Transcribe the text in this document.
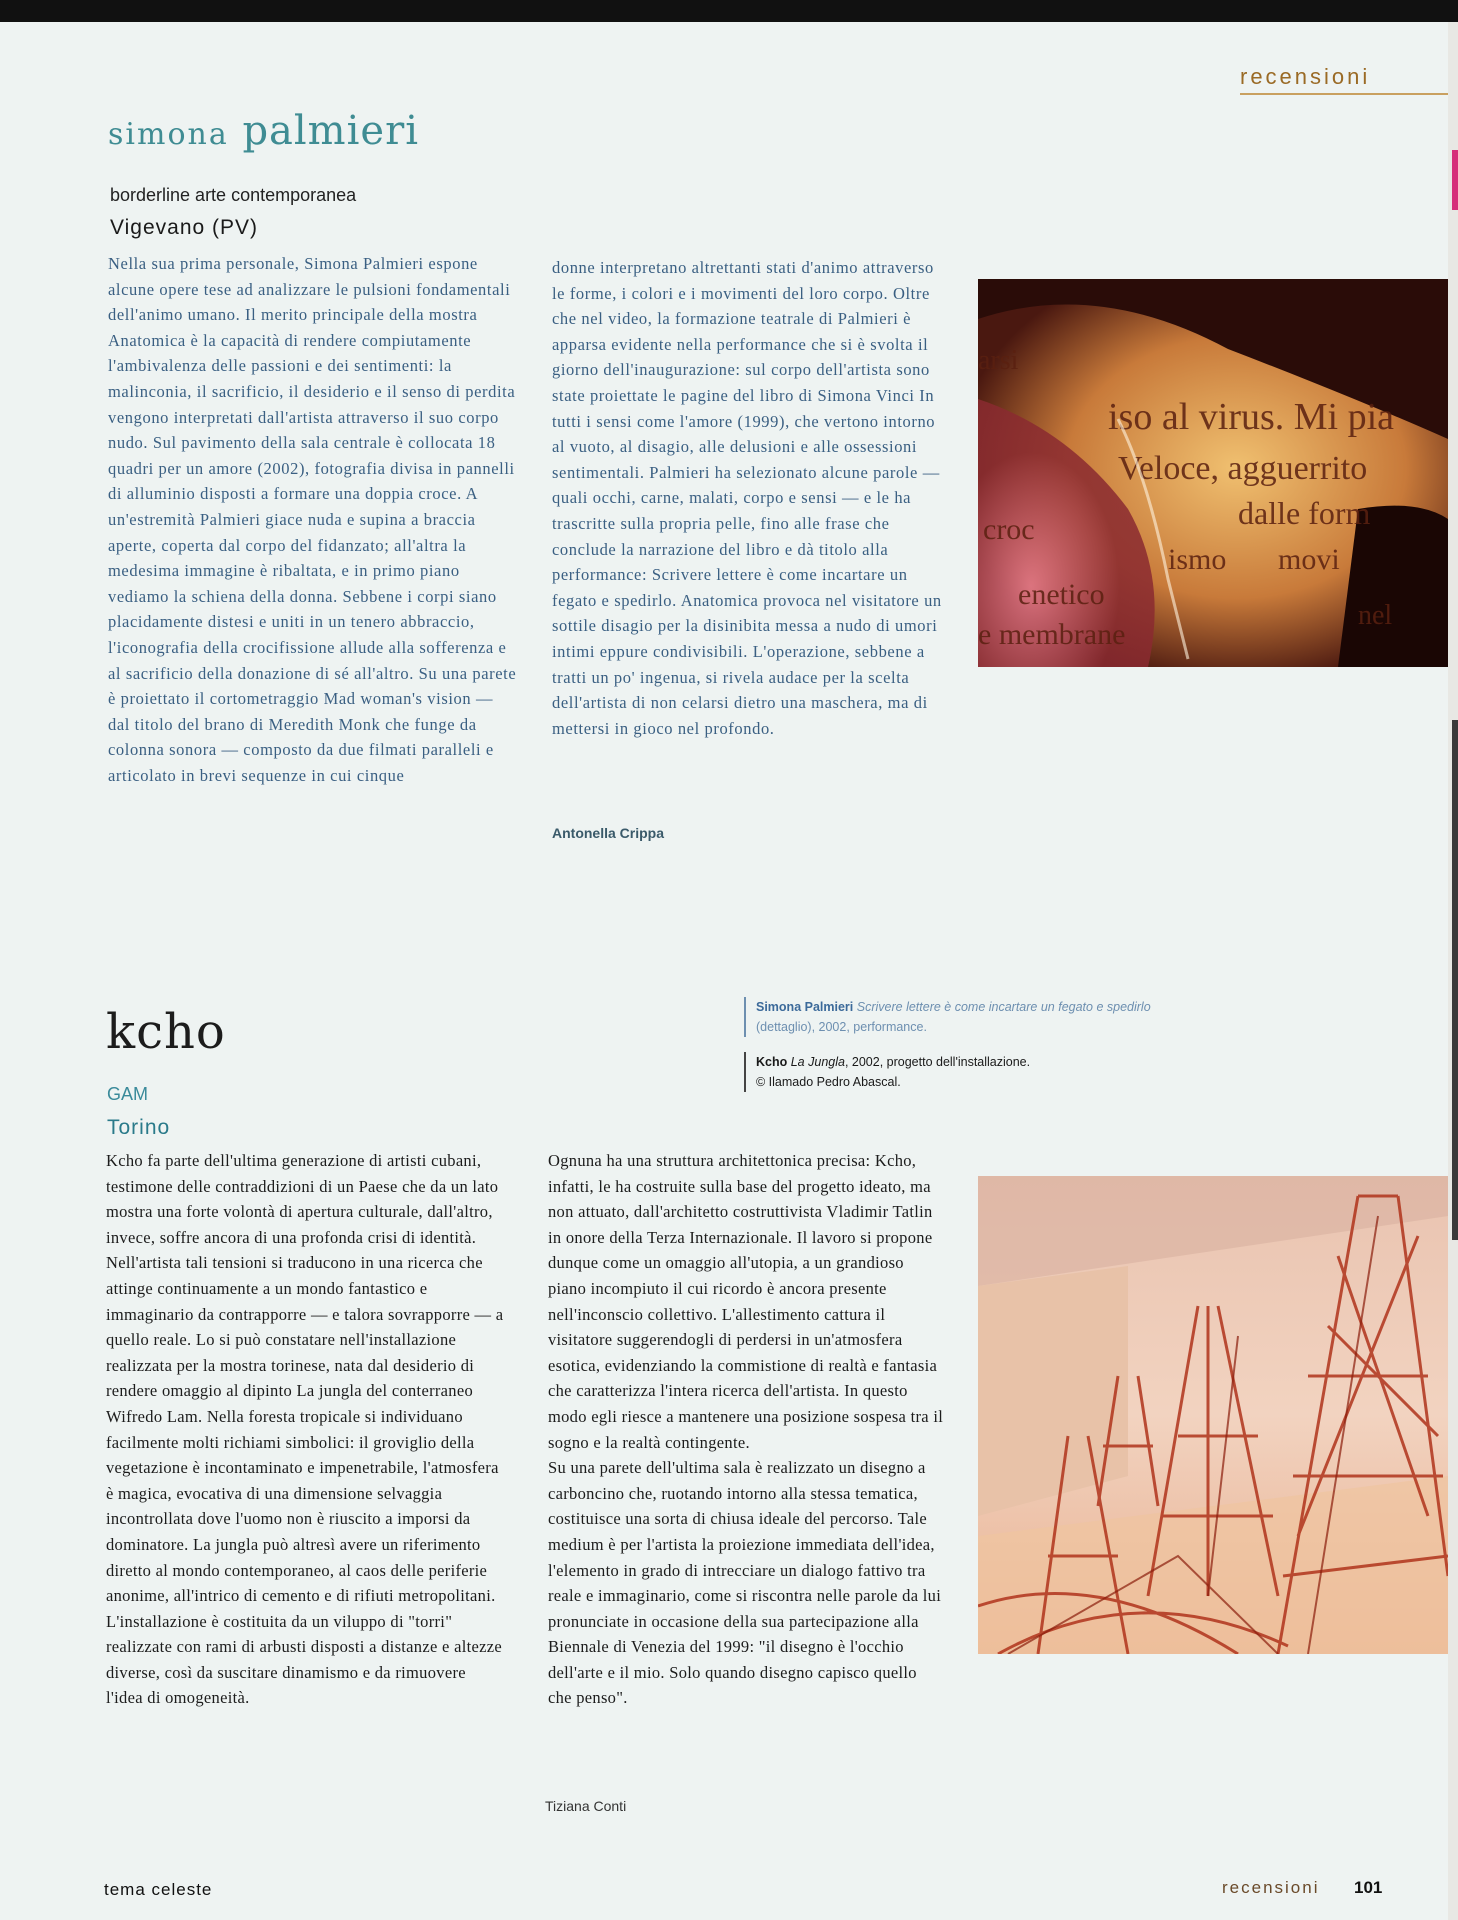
recensioni
simona palmieri
borderline arte contemporanea
Vigevano (PV)
Nella sua prima personale, Simona Palmieri espone alcune opere tese ad analizzare le pulsioni fondamentali dell'animo umano. Il merito principale della mostra Anatomica è la capacità di rendere compiutamente l'ambivalenza delle passioni e dei sentimenti: la malinconia, il sacrificio, il desiderio e il senso di perdita vengono interpretati dall'artista attraverso il suo corpo nudo. Sul pavimento della sala centrale è collocata 18 quadri per un amore (2002), fotografia divisa in pannelli di alluminio disposti a formare una doppia croce. A un'estremità Palmieri giace nuda e supina a braccia aperte, coperta dal corpo del fidanzato; all'altra la medesima immagine è ribaltata, e in primo piano vediamo la schiena della donna. Sebbene i corpi siano placidamente distesi e uniti in un tenero abbraccio, l'iconografia della crocifissione allude alla sofferenza e al sacrificio della donazione di sé all'altro. Su una parete è proiettato il cortometraggio Mad woman's vision — dal titolo del brano di Meredith Monk che funge da colonna sonora — composto da due filmati paralleli e articolato in brevi sequenze in cui cinque
donne interpretano altrettanti stati d'animo attraverso le forme, i colori e i movimenti del loro corpo. Oltre che nel video, la formazione teatrale di Palmieri è apparsa evidente nella performance che si è svolta il giorno dell'inaugurazione: sul corpo dell'artista sono state proiettate le pagine del libro di Simona Vinci In tutti i sensi come l'amore (1999), che vertono intorno al vuoto, al disagio, alle delusioni e alle ossessioni sentimentali. Palmieri ha selezionato alcune parole — quali occhi, carne, malati, corpo e sensi — e le ha trascritte sulla propria pelle, fino alle frase che conclude la narrazione del libro e dà titolo alla performance: Scrivere lettere è come incartare un fegato e spedirlo. Anatomica provoca nel visitatore un sottile disagio per la disinibita messa a nudo di umori intimi eppure condivisibili. L'operazione, sebbene a tratti un po' ingenua, si rivela audace per la scelta dell'artista di non celarsi dietro una maschera, ma di mettersi in gioco nel profondo.
Antonella Crippa
iso al virus. Mi pia
Veloce, agguerrito
dalle form
croc
ismo movi
enetico
e membrane
nel
arsi
Simona Palmieri Scrivere lettere è come incartare un fegato e spedirlo (dettaglio), 2002, performance.
kcho
GAM
Torino
Kcho La Jungla, 2002, progetto dell'installazione.
© Ilamado Pedro Abascal.
Kcho fa parte dell'ultima generazione di artisti cubani, testimone delle contraddizioni di un Paese che da un lato mostra una forte volontà di apertura culturale, dall'altro, invece, soffre ancora di una profonda crisi di identità. Nell'artista tali tensioni si traducono in una ricerca che attinge continuamente a un mondo fantastico e immaginario da contrapporre — e talora sovrapporre — a quello reale. Lo si può constatare nell'installazione realizzata per la mostra torinese, nata dal desiderio di rendere omaggio al dipinto La jungla del conterraneo Wifredo Lam. Nella foresta tropicale si individuano facilmente molti richiami simbolici: il groviglio della vegetazione è incontaminato e impenetrabile, l'atmosfera è magica, evocativa di una dimensione selvaggia incontrollata dove l'uomo non è riuscito a imporsi da dominatore. La jungla può altresì avere un riferimento diretto al mondo contemporaneo, al caos delle periferie anonime, all'intrico di cemento e di rifiuti metropolitani. L'installazione è costituita da un viluppo di "torri" realizzate con rami di arbusti disposti a distanze e altezze diverse, così da suscitare dinamismo e da rimuovere l'idea di omogeneità.
Ognuna ha una struttura architettonica precisa: Kcho, infatti, le ha costruite sulla base del progetto ideato, ma non attuato, dall'architetto costruttivista Vladimir Tatlin in onore della Terza Internazionale. Il lavoro si propone dunque come un omaggio all'utopia, a un grandioso piano incompiuto il cui ricordo è ancora presente nell'inconscio collettivo. L'allestimento cattura il visitatore suggerendogli di perdersi in un'atmosfera esotica, evidenziando la commistione di realtà e fantasia che caratterizza l'intera ricerca dell'artista. In questo modo egli riesce a mantenere una posizione sospesa tra il sogno e la realtà contingente.
Su una parete dell'ultima sala è realizzato un disegno a carboncino che, ruotando intorno alla stessa tematica, costituisce una sorta di chiusa ideale del percorso. Tale medium è per l'artista la proiezione immediata dell'idea, l'elemento in grado di intrecciare un dialogo fattivo tra reale e immaginario, come si riscontra nelle parole da lui pronunciate in occasione della sua partecipazione alla Biennale di Venezia del 1999: "il disegno è l'occhio dell'arte e il mio. Solo quando disegno capisco quello che penso".
Tiziana Conti
tema celeste	recensioni 101
